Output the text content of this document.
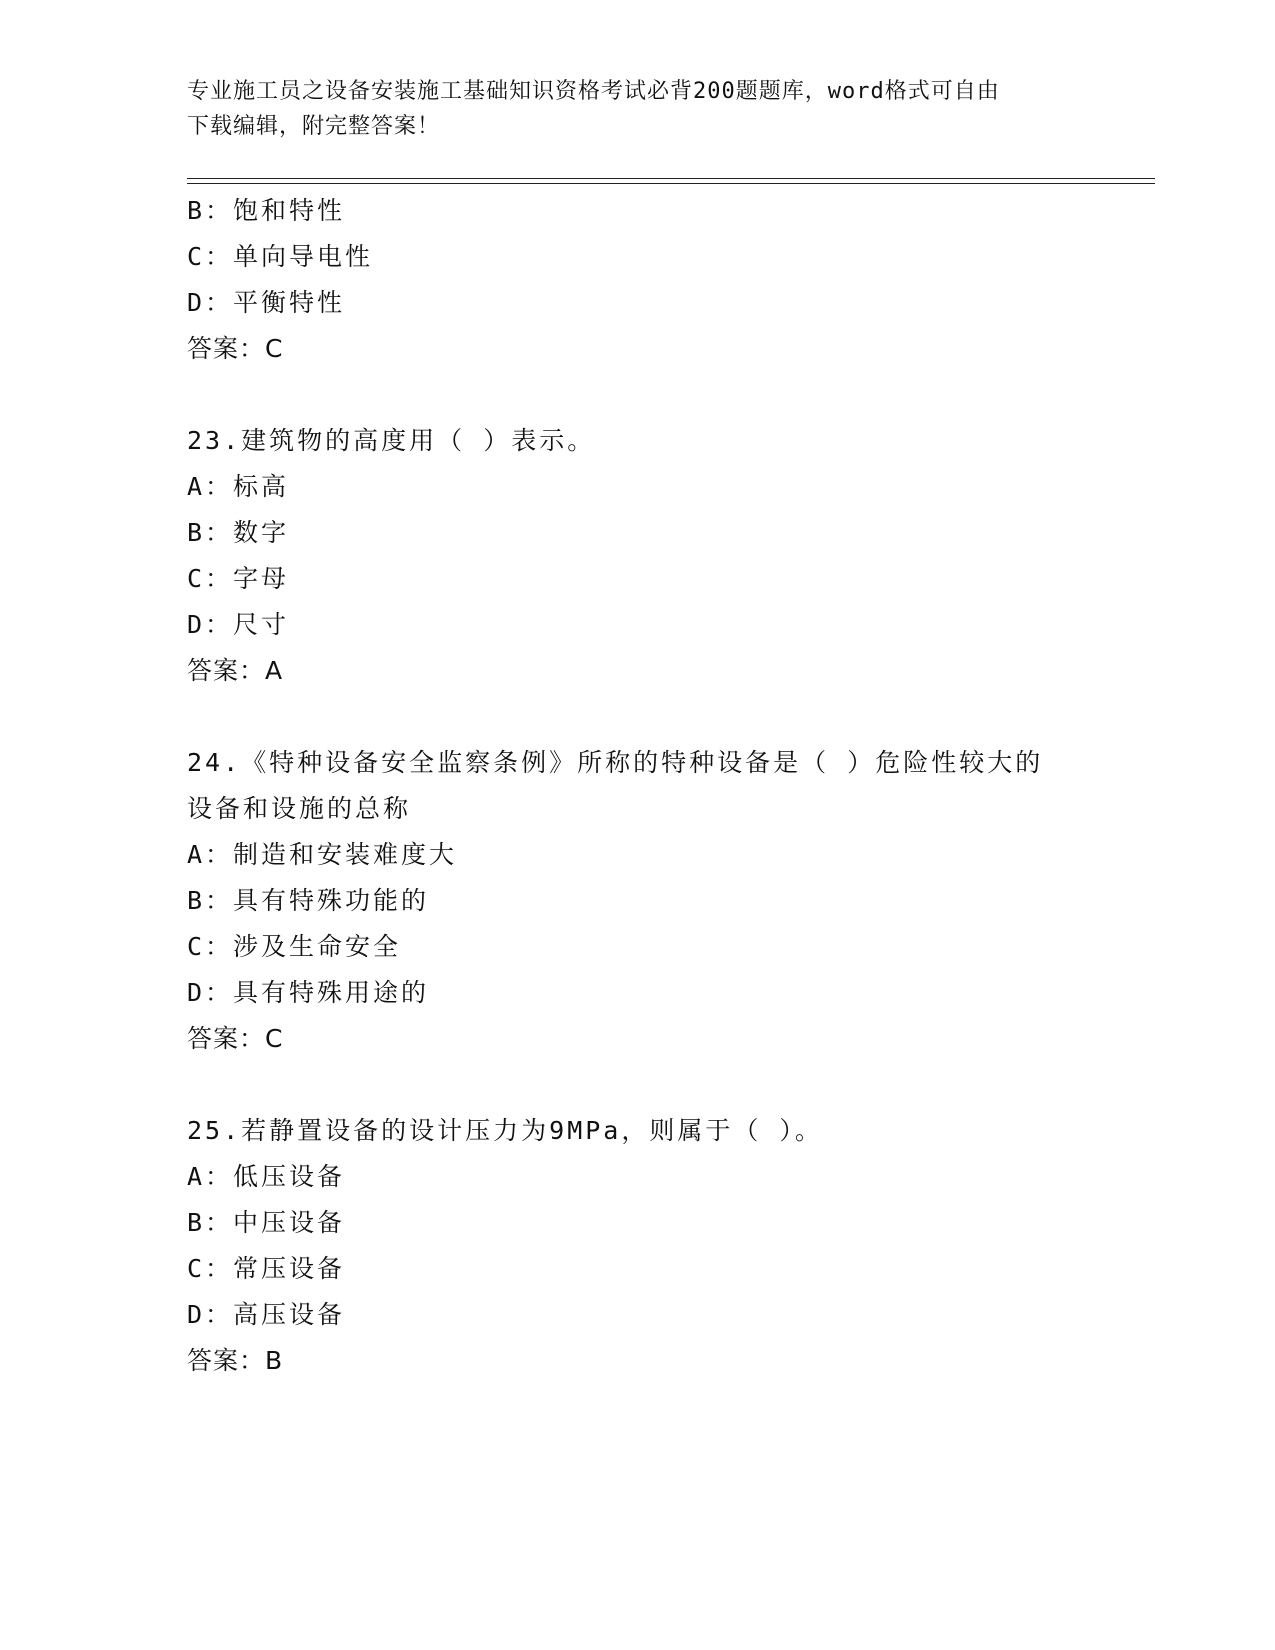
专业施工员之设备安装施工基础知识资格考试必背200题题库，word格式可自由
下载编辑，附完整答案！
B：饱和特性
C：单向导电性
D：平衡特性
答案：C
23.建筑物的高度用（ ）表示。
A：标高
B：数字
C：字母
D：尺寸
答案：A
24.《特种设备安全监察条例》所称的特种设备是（ ）危险性较大的
设备和设施的总称
A：制造和安装难度大
B：具有特殊功能的
C：涉及生命安全
D：具有特殊用途的
答案：C
25.若静置设备的设计压力为9MPa，则属于（ ）。
A：低压设备
B：中压设备
C：常压设备
D：高压设备
答案：B
